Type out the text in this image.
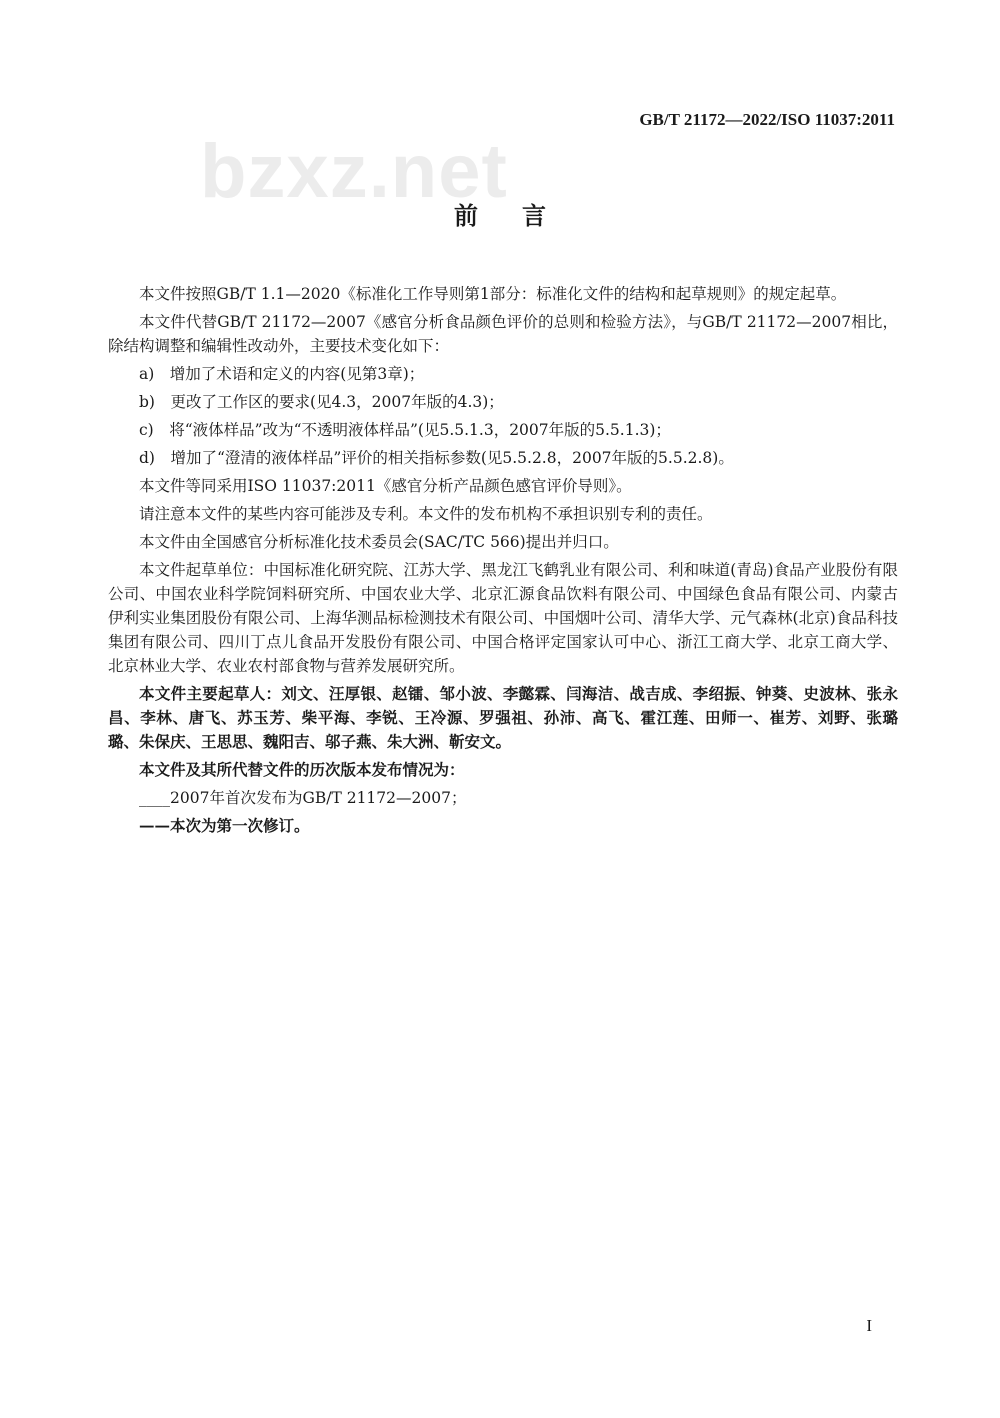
bzxz.net
GB/T 21172—2022/ISO 11037:2011
前言

本文件按照GB/T 1.1—2020《标准化工作导则第1部分：标准化文件的结构和起草规则》的规定起草。

本文件代替GB/T 21172—2007《感官分析食品颜色评价的总则和检验方法》，与GB/T 21172—2007相比，除结构调整和编辑性改动外，主要技术变化如下：

a)　增加了术语和定义的内容(见第3章)；

b)　更改了工作区的要求(见4.3，2007年版的4.3)；

c)　将“液体样品”改为“不透明液体样品”(见5.5.1.3，2007年版的5.5.1.3)；

d)　增加了“澄清的液体样品”评价的相关指标参数(见5.5.2.8，2007年版的5.5.2.8)。

本文件等同采用ISO 11037:2011《感官分析产品颜色感官评价导则》。

请注意本文件的某些内容可能涉及专利。本文件的发布机构不承担识别专利的责任。

本文件由全国感官分析标准化技术委员会(SAC/TC 566)提出并归口。

本文件起草单位：中国标准化研究院、江苏大学、黑龙江飞鹤乳业有限公司、利和味道(青岛)食品产业股份有限公司、中国农业科学院饲料研究所、中国农业大学、北京汇源食品饮料有限公司、中国绿色食品有限公司、内蒙古伊利实业集团股份有限公司、上海华测品标检测技术有限公司、中国烟叶公司、清华大学、元气森林(北京)食品科技集团有限公司、四川丁点儿食品开发股份有限公司、中国合格评定国家认可中心、浙江工商大学、北京工商大学、北京林业大学、农业农村部食物与营养发展研究所。

本文件主要起草人：刘文、汪厚银、赵镭、邹小波、李懿霖、闫海洁、战吉成、李绍振、钟葵、史波林、张永昌、李林、唐飞、苏玉芳、柴平海、李锐、王冷源、罗强祖、孙沛、高飞、霍江莲、田师一、崔芳、刘野、张璐璐、朱保庆、王思思、魏阳吉、邬子燕、朱大洲、靳安文。

本文件及其所代替文件的历次版本发布情况为：

____2007年首次发布为GB/T 21172—2007；

——本次为第一次修订。

I
